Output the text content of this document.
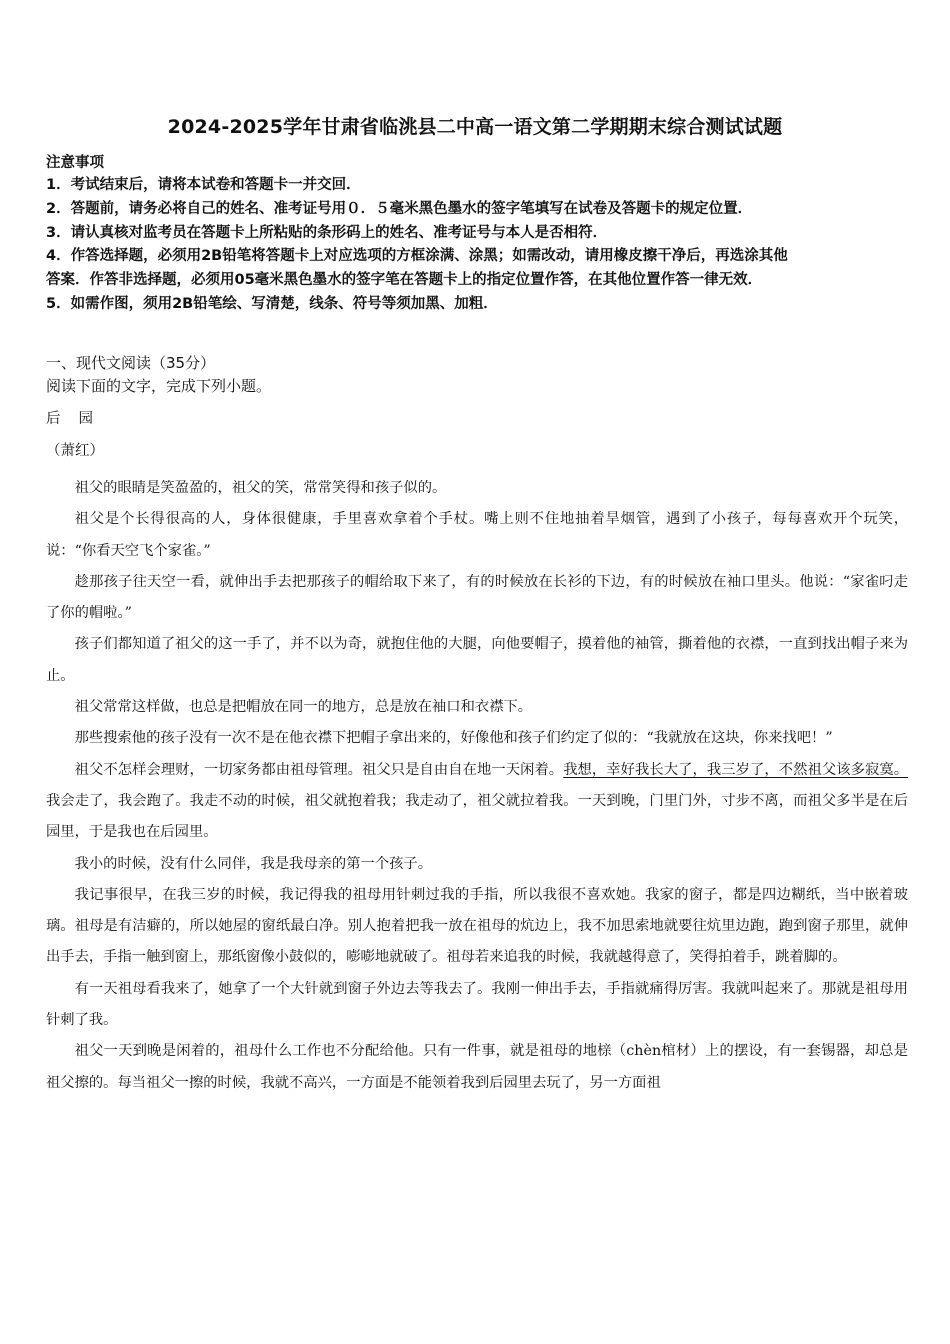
2024-2025学年甘肃省临洮县二中高一语文第二学期期末综合测试试题
注意事项
1．考试结束后，请将本试卷和答题卡一并交回．
2．答题前，请务必将自己的姓名、准考证号用０．５毫米黑色墨水的签字笔填写在试卷及答题卡的规定位置．
3．请认真核对监考员在答题卡上所粘贴的条形码上的姓名、准考证号与本人是否相符．
4．作答选择题，必须用2B铅笔将答题卡上对应选项的方框涂满、涂黑；如需改动，请用橡皮擦干净后，再选涂其他
答案．作答非选择题，必须用05毫米黑色墨水的签字笔在答题卡上的指定位置作答，在其他位置作答一律无效．
5．如需作图，须用2B铅笔绘、写清楚，线条、符号等须加黑、加粗．
一、现代文阅读（35分）
阅读下面的文字，完成下列小题。
后园
（萧红）

祖父的眼睛是笑盈盈的，祖父的笑，常常笑得和孩子似的。

祖父是个长得很高的人，身体很健康，手里喜欢拿着个手杖。嘴上则不住地抽着旱烟管，遇到了小孩子，每每喜欢开个玩笑，说：“你看天空飞个家雀。”

趁那孩子往天空一看，就伸出手去把那孩子的帽给取下来了，有的时候放在长衫的下边，有的时候放在袖口里头。他说：“家雀叼走了你的帽啦。”

孩子们都知道了祖父的这一手了，并不以为奇，就抱住他的大腿，向他要帽子，摸着他的袖管，撕着他的衣襟，一直到找出帽子来为止。

祖父常常这样做，也总是把帽放在同一的地方，总是放在袖口和衣襟下。

那些搜索他的孩子没有一次不是在他衣襟下把帽子拿出来的，好像他和孩子们约定了似的：“我就放在这块，你来找吧！”

祖父不怎样会理财，一切家务都由祖母管理。祖父只是自由自在地一天闲着。我想，幸好我长大了，我三岁了，不然祖父该多寂寞。我会走了，我会跑了。我走不动的时候，祖父就抱着我；我走动了，祖父就拉着我。一天到晚，门里门外，寸步不离，而祖父多半是在后园里，于是我也在后园里。

我小的时候，没有什么同伴，我是我母亲的第一个孩子。

我记事很早，在我三岁的时候，我记得我的祖母用针刺过我的手指，所以我很不喜欢她。我家的窗子，都是四边糊纸，当中嵌着玻璃。祖母是有洁癖的，所以她屋的窗纸最白净。别人抱着把我一放在祖母的炕边上，我不加思索地就要往炕里边跑，跑到窗子那里，就伸出手去，手指一触到窗上，那纸窗像小鼓似的，嘭嘭地就破了。祖母若来追我的时候，我就越得意了，笑得拍着手，跳着脚的。

有一天祖母看我来了，她拿了一个大针就到窗子外边去等我去了。我刚一伸出手去，手指就痛得厉害。我就叫起来了。那就是祖母用针刺了我。

祖父一天到晚是闲着的，祖母什么工作也不分配给他。只有一件事，就是祖母的地榇（chèn棺材）上的摆设，有一套锡器，却总是祖父擦的。每当祖父一擦的时候，我就不高兴，一方面是不能领着我到后园里去玩了，另一方面祖
